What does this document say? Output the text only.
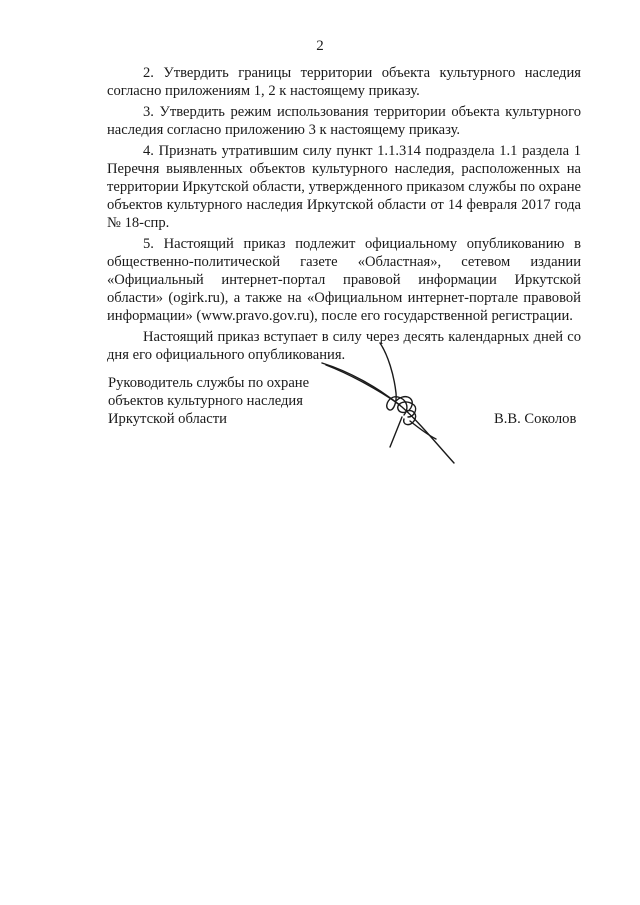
2

2. Утвердить границы территории объекта культурного наследия согласно приложениям 1, 2 к настоящему приказу.

3. Утвердить режим использования территории объекта культурного наследия согласно приложению 3 к настоящему приказу.

4. Признать утратившим силу пункт 1.1.314 подраздела 1.1 раздела 1 Перечня выявленных объектов культурного наследия, расположенных на территории Иркутской области, утвержденного приказом службы по охране объектов культурного наследия Иркутской области от 14 февраля 2017 года № 18-спр.

5. Настоящий приказ подлежит официальному опубликованию в общественно-политической газете «Областная», сетевом издании «Официальный интернет-портал правовой информации Иркутской области» (ogirk.ru), а также на «Официальном интернет-портале правовой информации» (www.pravo.gov.ru), после его государственной регистрации.

Настоящий приказ вступает в силу через десять календарных дней со дня его официального опубликования.

Руководитель службы по охране
объектов культурного наследия
Иркутской области	В.В. Соколов
